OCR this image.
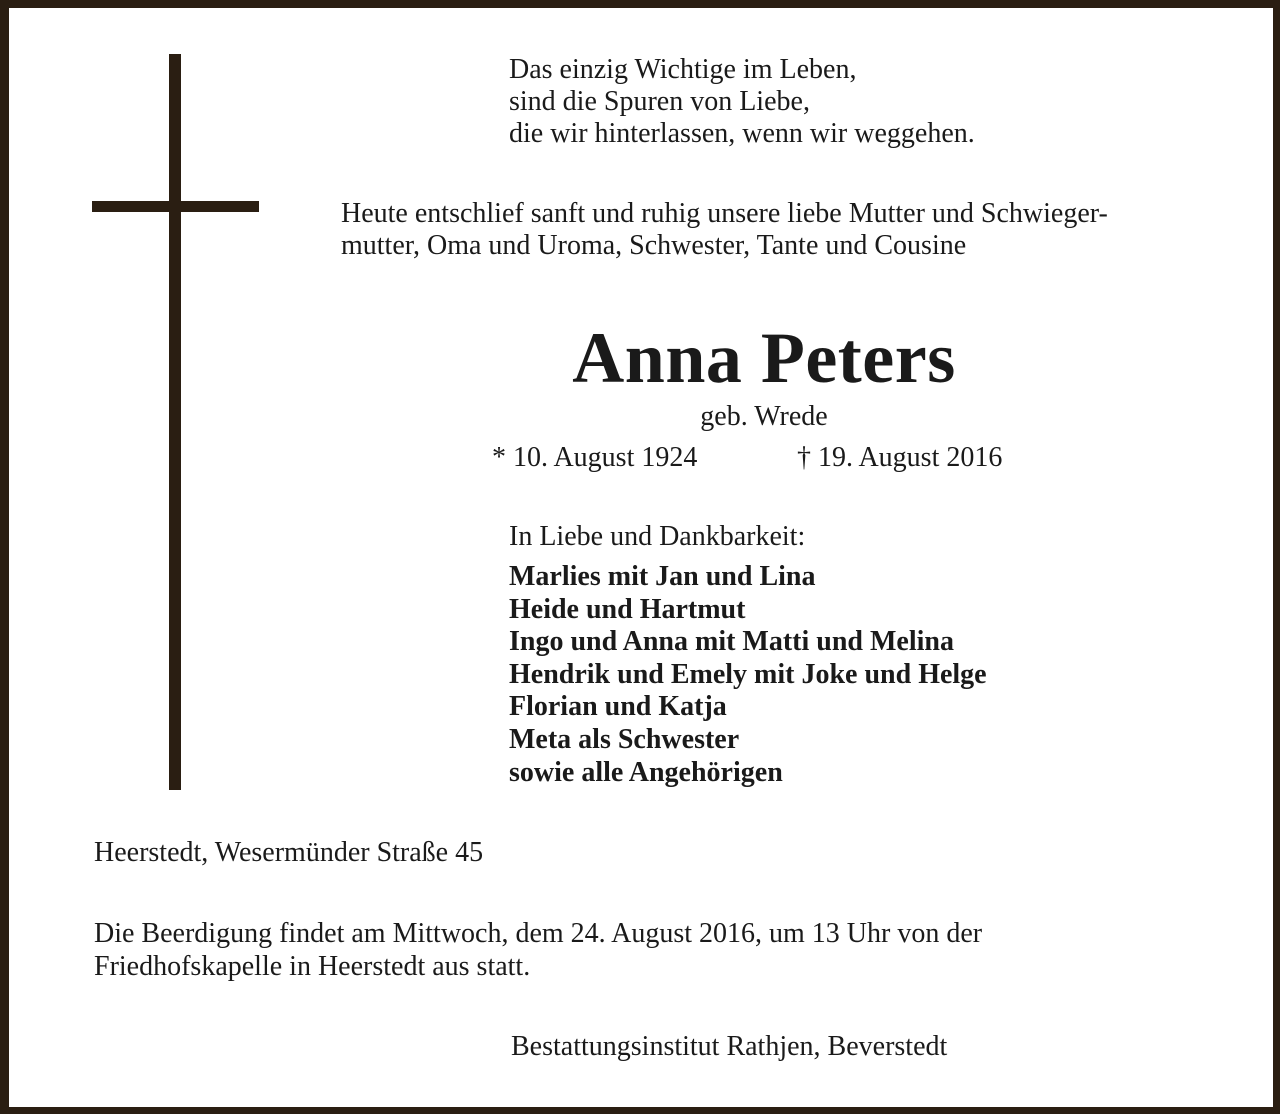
Das einzig Wichtige im Leben,
sind die Spuren von Liebe,
die wir hinterlassen, wenn wir weggehen.
Heute entschlief sanft und ruhig unsere liebe Mutter und Schwieger-
mutter, Oma und Uroma, Schwester, Tante und Cousine
Anna Peters
geb. Wrede
* 10. August 1924	† 19. August 2016
In Liebe und Dankbarkeit:
Marlies mit Jan und Lina
Heide und Hartmut
Ingo und Anna mit Matti und Melina
Hendrik und Emely mit Joke und Helge
Florian und Katja
Meta als Schwester
sowie alle Angehörigen
Heerstedt, Wesermünder Straße 45
Die Beerdigung findet am Mittwoch, dem 24. August 2016, um 13 Uhr von der
Friedhofskapelle in Heerstedt aus statt.
Bestattungsinstitut Rathjen, Beverstedt
